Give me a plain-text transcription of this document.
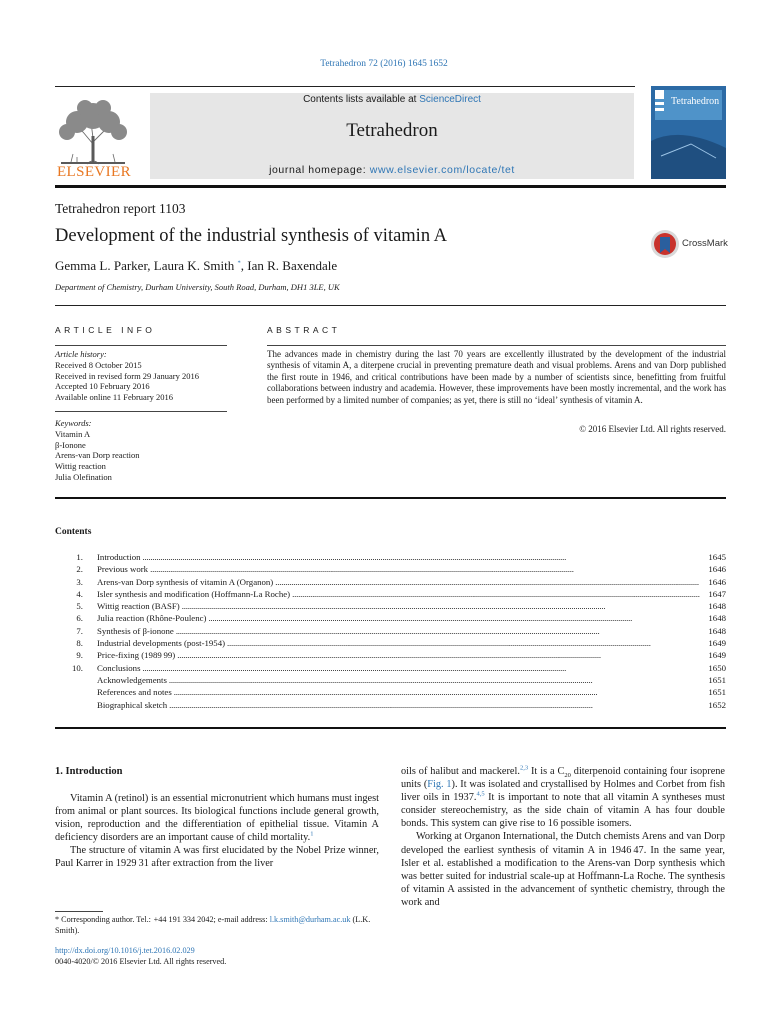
Tetrahedron 72 (2016) 1645 1652
ELSEVIER
Contents lists available at ScienceDirect
Tetrahedron
journal homepage: www.elsevier.com/locate/tet
Tetrahedron
Tetrahedron report 1103
Development of the industrial synthesis of vitamin A	CrossMark
Gemma L. Parker, Laura K. Smith *, Ian R. Baxendale
Department of Chemistry, Durham University, South Road, Durham, DH1 3LE, UK
ARTICLE INFO	ABSTRACT
Article history:
Received 8 October 2015
Received in revised form 29 January 2016
Accepted 10 February 2016
Available online 11 February 2016
Keywords:
Vitamin A
β-Ionone
Arens-van Dorp reaction
Wittig reaction
Julia Olefination
The advances made in chemistry during the last 70 years are excellently illustrated by the development of the industrial synthesis of vitamin A, a diterpene crucial in preventing premature death and visual problems. Arens and van Dorp published the first route in 1946, and critical contributions have been made by a number of scientists since, benefitting from fruitful collaborations between industry and academia. However, these improvements have been mostly incremental, and the work has been performed by a limited number of companies; as yet, there is still no ‘ideal’ synthesis of vitamin A.
© 2016 Elsevier Ltd. All rights reserved.
Contents
1.	Introduction . . .	1645
2.	Previous work . . .	1646
3.	Arens-van Dorp synthesis of vitamin A (Organon) . . .	1646
4.	Isler synthesis and modification (Hoffmann-La Roche) . . .	1647
5.	Wittig reaction (BASF) . . .	1648
6.	Julia reaction (Rhône-Poulenc) . . .	1648
7.	Synthesis of β-ionone . . .	1648
8.	Industrial developments (post-1954) . . .	1649
9.	Price-fixing (1989 99) . . .	1649
10.	Conclusions . . .	1650
Acknowledgements . . .	1651
References and notes . . .	1651
Biographical sketch . . .	1652
1. Introduction

Vitamin A (retinol) is an essential micronutrient which humans must ingest from animal or plant sources. Its biological functions include general growth, vision, reproduction and the differentiation of epithelial tissue. Vitamin A deficiency disorders are an important cause of child mortality.$^1$

The structure of vitamin A was first elucidated by the Nobel Prize winner, Paul Karrer in 1929 31 after extraction from the liver

oils of halibut and mackerel.$^{2,3}$ It is a $C_{20}$ diterpenoid containing four isoprene units (Fig. 1). It was isolated and crystallised by Holmes and Corbet from fish liver oils in 1937.$^{4,5}$ It is important to note that all vitamin A syntheses must consider stereochemistry, as the side chain of vitamin A has four double bonds. This system can give rise to 16 possible isomers.

Working at Organon International, the Dutch chemists Arens and van Dorp developed the earliest synthesis of vitamin A in 1946 47. In the same year, Isler et al. established a modification to the Arens-van Dorp synthesis which was better suited for industrial scale-up at Hoffmann-La Roche. The synthesis of vitamin A assisted in the advancement of synthetic chemistry, through the work and

* Corresponding author. Tel.:  +44 191 334 2042; e-mail address: l.k.smith@durham.ac.uk (L.K. Smith).
http://dx.doi.org/10.1016/j.tet.2016.02.029
0040-4020/© 2016 Elsevier Ltd. All rights reserved.
